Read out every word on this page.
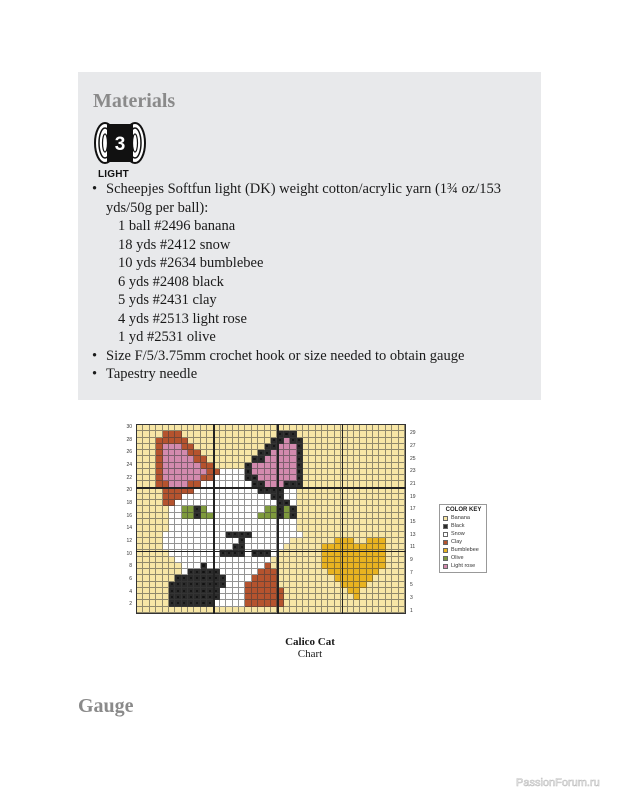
Materials
3
LIGHT
• Scheepjes Softfun light (DK) weight cotton/acrylic yarn (1¾ oz/153 yds/50g per ball):
1 ball #2496 banana
18 yds #2412 snow
10 yds #2634 bumblebee
6 yds #2408 black
5 yds #2431 clay
4 yds #2513 light rose
1 yd #2531 olive
• Size F/5/3.75mm crochet hook or size needed to obtain gauge
• Tapestry needle
30
28
26
24
22
20
18
16
14
12
10
8
6
4
2
29
27
25
23
21
19
17
15
13
11
9
7
5
3
1
COLOR KEY
Banana
Black
Snow
Clay
Bumblebee
Olive
Light rose
Calico Cat
Chart
Gauge
PassionForum.ru
